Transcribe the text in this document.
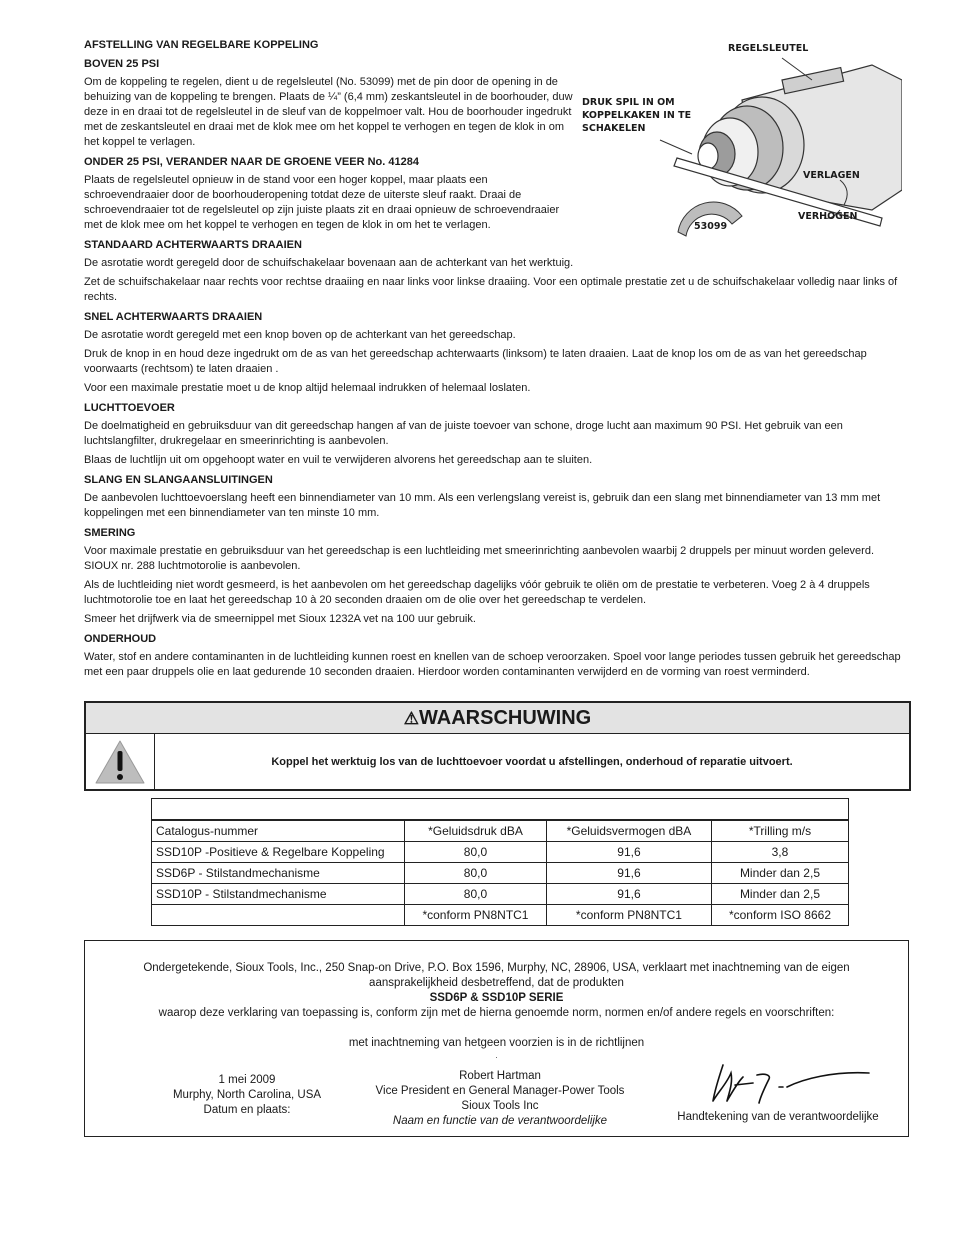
AFSTELLING VAN REGELBARE KOPPELING
BOVEN 25 PSI

Om de koppeling te regelen, dient u de regelsleutel (No. 53099) met de pin door de opening in de behuizing van de koppeling te brengen. Plaats de ¼” (6,4 mm) zeskantsleutel in de boorhouder, duw deze in en draai tot de regelsleutel in de sleuf van de koppelmoer valt. Hou de boorhouder ingedrukt met de zeskantsleutel en draai met de klok mee om het koppel te verhogen en tegen de klok in om het koppel te verlagen.

ONDER 25 PSI, VERANDER NAAR DE GROENE VEER No. 41284

Plaats de regelsleutel opnieuw in de stand voor een hoger koppel, maar plaats een schroevendraaier door de boorhouderopening totdat deze de uiterste sleuf raakt. Draai de schroevendraaier tot de regelsleutel op zijn juiste plaats zit en draai opnieuw de schroevendraaier met de klok mee om het koppel te verhogen en tegen de klok in om het te verlagen.

STANDAARD ACHTERWAARTS DRAAIEN

De asrotatie wordt geregeld door de schuifschakelaar bovenaan aan de achterkant van het werktuig.

Zet de schuifschakelaar naar rechts voor rechtse draaiing en naar links voor linkse draaiing. Voor een optimale prestatie zet u de schuifschakelaar volledig naar links of rechts.

SNEL ACHTERWAARTS DRAAIEN

De asrotatie wordt geregeld met een knop boven op de achterkant van het gereedschap.

Druk de knop in en houd deze ingedrukt om de as van het gereedschap achterwaarts (linksom) te laten draaien. Laat de knop los om de as van het gereedschap voorwaarts (rechtsom) te laten draaien .

Voor een maximale prestatie moet u de knop altijd helemaal indrukken of helemaal loslaten.

LUCHTTOEVOER

De doelmatigheid en gebruiksduur van dit gereedschap hangen af van de juiste toevoer van schone, droge lucht aan maximum 90 PSI. Het gebruik van een luchtslangfilter, drukregelaar en smeerinrichting is aanbevolen.

Blaas de luchtlijn uit om opgehoopt water en vuil te verwijderen alvorens het gereedschap aan te sluiten.

SLANG EN SLANGAANSLUITINGEN

De aanbevolen luchttoevoerslang heeft een binnendiameter van 10 mm. Als een verlengslang vereist is, gebruik dan een slang met binnendiameter van 13 mm met koppelingen met een binnendiameter van ten minste 10 mm.

SMERING

Voor maximale prestatie en gebruiksduur van het gereedschap is een luchtleiding met smeerinrichting aanbevolen waarbij 2 druppels per minuut worden geleverd. SIOUX nr. 288 luchtmotorolie is aanbevolen.

Als de luchtleiding niet wordt gesmeerd, is het aanbevolen om het gereedschap dagelijks vóór gebruik te oliën om de prestatie te verbeteren. Voeg 2 à 4 druppels luchtmotorolie toe en laat het gereedschap 10 à 20 seconden draaien om de olie over het gereedschap te verdelen.

Smeer het drijfwerk via de smeernippel met Sioux 1232A vet na 100 uur gebruik.

ONDERHOUD

Water, stof en andere contaminanten in de luchtleiding kunnen roest en knellen van de schoep veroorzaken. Spoel voor lange periodes tussen gebruik het gereedschap met een paar druppels olie en laat gedurende 10 seconden draaien. Hierdoor worden contaminanten verwijderd en de vorming van roest verminderd.

REGELSLEUTEL
DRUK SPIL IN OM KOPPELKAKEN IN TE SCHAKELEN
VERLAGEN
VERHOGEN
53099
⚠WAARSCHUWING
Koppel het werktuig los van de luchttoevoer voordat u afstellingen, onderhoud of reparatie uitvoert.

Catalogus-nummer	*Geluidsdruk dBA	*Geluidsvermogen dBA	*Trilling m/s
SSD10P -Positieve & Regelbare Koppeling	80,0	91,6	3,8
SSD6P - Stilstandmechanisme	80,0	91,6	Minder dan 2,5
SSD10P - Stilstandmechanisme	80,0	91,6	Minder dan 2,5
	*conform PN8NTC1	*conform PN8NTC1	*conform ISO 8662
Ondergetekende, Sioux Tools, Inc., 250 Snap-on Drive, P.O. Box 1596, Murphy, NC, 28906, USA, verklaart met inachtneming van de eigen
aansprakelijkheid desbetreffend, dat de produkten
SSD6P & SSD10P SERIE
waarop deze verklaring van toepassing is, conform zijn met de hierna genoemde norm, normen en/of andere regels en voorschriften:
met inachtneming van hetgeen voorzien is in de richtlijnen
.
1 mei 2009
Murphy, North Carolina, USA
Datum en plaats:
Robert Hartman
Vice President en General Manager-Power Tools
Sioux Tools Inc
Naam en functie van de verantwoordelijke	Handtekening van de verantwoordelijke
